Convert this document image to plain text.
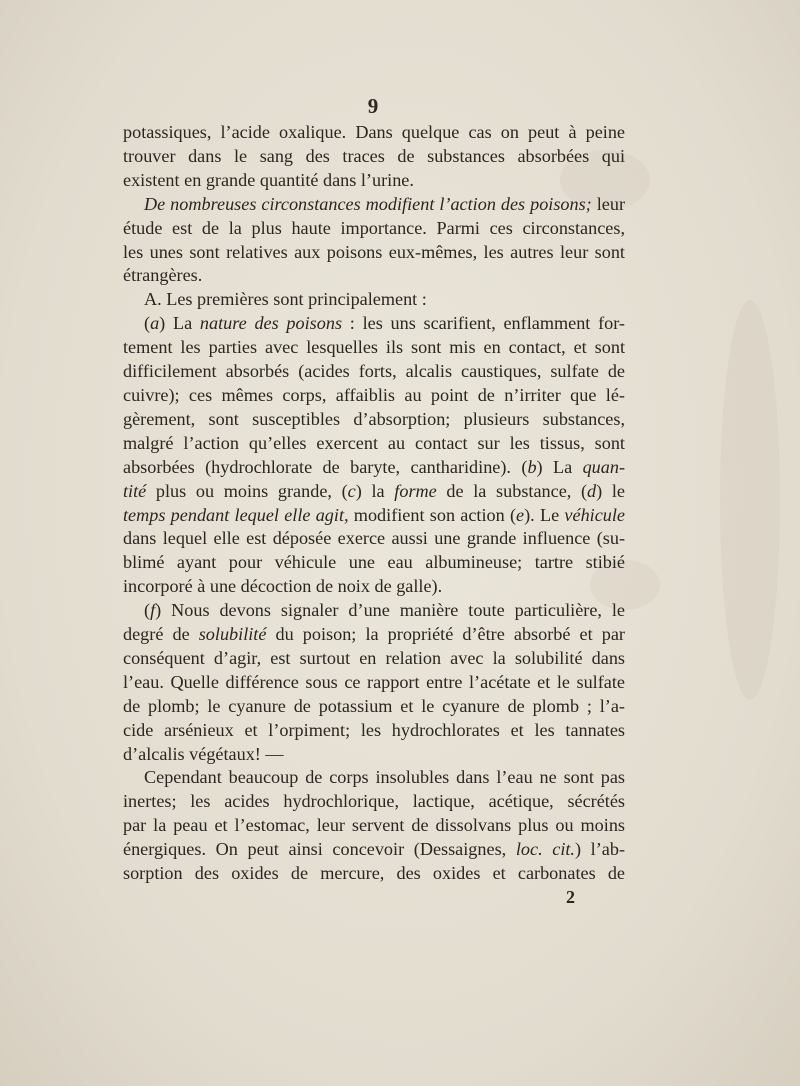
9
potassiques, l’acide oxalique. Dans quelque cas on peut à peine
trouver dans le sang des traces de substances absorbées qui
existent en grande quantité dans l’urine.
De nombreuses circonstances modifient l’action des poisons; leur
étude est de la plus haute importance. Parmi ces circonstances,
les unes sont relatives aux poisons eux-mêmes, les autres leur sont
étrangères.
A. Les premières sont principalement :
(a) La nature des poisons : les uns scarifient, enflamment for-
tement les parties avec lesquelles ils sont mis en contact, et sont
difficilement absorbés (acides forts, alcalis caustiques, sulfate de
cuivre); ces mêmes corps, affaiblis au point de n’irriter que lé-
gèrement, sont susceptibles d’absorption; plusieurs substances,
malgré l’action qu’elles exercent au contact sur les tissus, sont
absorbées (hydrochlorate de baryte, cantharidine). (b) La quan-
tité plus ou moins grande, (c) la forme de la substance, (d) le
temps pendant lequel elle agit, modifient son action (e). Le véhicule
dans lequel elle est déposée exerce aussi une grande influence (su-
blimé ayant pour véhicule une eau albumineuse; tartre stibié
incorporé à une décoction de noix de galle).
(f) Nous devons signaler d’une manière toute particulière, le
degré de solubilité du poison; la propriété d’être absorbé et par
conséquent d’agir, est surtout en relation avec la solubilité dans
l’eau. Quelle différence sous ce rapport entre l’acétate et le sulfate
de plomb; le cyanure de potassium et le cyanure de plomb ; l’a-
cide arsénieux et l’orpiment; les hydrochlorates et les tannates
d’alcalis végétaux! —
Cependant beaucoup de corps insolubles dans l’eau ne sont pas
inertes; les acides hydrochlorique, lactique, acétique, sécrétés
par la peau et l’estomac, leur servent de dissolvans plus ou moins
énergiques. On peut ainsi concevoir (Dessaignes, loc. cit.) l’ab-
sorption des oxides de mercure, des oxides et carbonates de
2
